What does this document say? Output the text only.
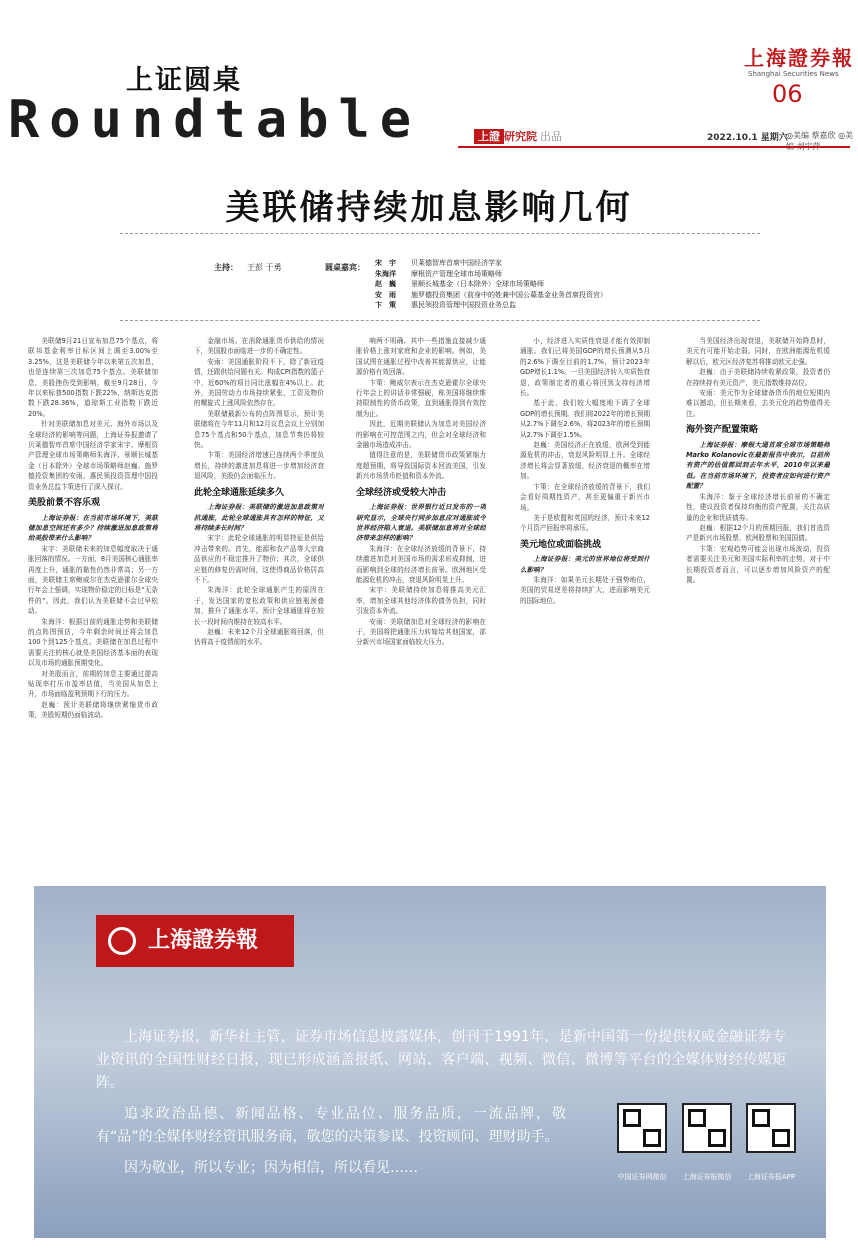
上证圆桌
Roundtable
上海證券報
Shanghai Securities News
06
上證 研究院 出品	2022.10.1 星期六
◎美编 蔡嘉欣 ◎美
美联储持续加息影响几何
主持： 王彭 于勇	圆桌嘉宾： 宋　宇 贝莱德智库首席中国经济学家
朱海洋 摩根资产管理全球市场策略师
赵　巍 景顺长城基金（日本除外）全球市场策略师
安　雨 施罗德投资集团（前身中的姓兼中国公募基金业务首席投资官）
卞　策 惠民领投资管理中国投资业务总监
美联储9月21日宣布加息75个基点，将联邦基金利率目标区间上调至3.00%至3.25%，这是美联储今年以来第五次加息，也是连续第三次加息75个基点。美联储加息，美股挫伤受到影响，截至9月28日，今年以来标普500指数下跌22%，纳斯达克指数下跌28.36%，道琼斯工业指数下跌近20%。
针对美联储加息对美元、海外市场以及全球经济的影响等问题，上海证券报邀请了贝莱德智库首席中国经济学家宋宇、摩根资产管理全球市场策略师朱海洋、景顺长城基金（日本除外）全球市场策略师赵巍、施罗德投资集团的安雨、惠民领投资管理中国投资业务总监卞策进行了深入探讨。
美股前景不容乐观
上海证券报：在当前市场环境下，美联储加息空间还有多少？持续激进加息政策将给美股带来什么影响？
宋宇：美联储未来的加息幅度取决于通胀回落的情况。一方面，8月美国核心通胀率再度上升，通胀的黏性仍然非常高；另一方面，美联储主席鲍威尔在杰克逊霍尔全球央行年会上强调，实现物价稳定的目标是“无条件的”。因此，我们认为美联储不会过早松动。
朱海洋：根据目前的通胀走势和美联储的点阵图预估，今年剩余时间还将会加息100个到125个基点。美联储在加息过程中需要关注的核心就是美国经济基本面的表现以及市场的通胀预期变化。
对美股而言，前期的加息主要通过提高贴现率打压市盈率估值，当美国从加息上升，市场面临盈利预期下行的压力。
赵巍：预计美联储将继续紧缩货币政策，美股短期仍面临波动。
金融市场。在消除通胀货币供给的情况下，美国股市面临进一步的不确定性。
安雨：美国通胀阶段不下，除了新冠疫情，还跟供给问题有关。构成CPI指数的篮子中，近60%的项目同比涨幅在4%以上。此外，美国劳动力市场持续紧张，工资及物价的螺旋式上涨风险依然存在。
美联储最新公布的点阵图显示，预计美联储将在今年11月和12月议息会议上分别加息75个基点和50个基点，加息节奏仍将较快。
卞策：美国经济增速已连续两个季度负增长，持续的激进加息将进一步增加经济衰退风险，美股仍会面临压力。
此轮全球通胀延续多久
上海证券报：美联储的激进加息政策对抗通胀，此轮全球通胀具有怎样的特征，又将持续多长时间？
宋宇：此轮全球通胀的明显特征是供给冲击带来的。首先，能源和农产品等大宗商品供应的不稳定推升了物价；其次，全球供应链的修复仍需时间，这使得商品价格居高不下。
朱海洋：此轮全球通胀产生的原因在于，发达国家的宽松政策和供应链瓶颈叠加，推升了通胀水平。预计全球通胀将在较长一段时间内维持在较高水平。
赵巍：未来12个月全球通胀将回落，但仍将高于疫情前的水平。
响两不明确。其中一些措施直接减少通胀价格上涨对家庭和企业的影响。例如，美国试图在通胀过程中改善其能源供应，让能源价格有效回落。
卞策：鲍威尔表示在杰克逊霍尔全球央行年会上的讲话非常强硬，称美国将继续维持限制性的货币政策，直到通胀得到有效控制为止。
因此，近期美联储认为加息对美国经济的影响在可控范围之内，但会对全球经济和金融市场造成冲击。
值得注意的是，美联储货币政策紧缩力度超预期，将导致国际资本回流美国，引发新兴市场货币贬值和资本外流。
全球经济或受较大冲击
上海证券报：世界银行近日发布的一项研究显示，全球央行同步加息应对通胀或令世界经济陷入衰退。美联储加息将对全球经济带来怎样的影响？
朱海洋：在全球经济放缓的背景下，持续激进加息对美国市场的需求形成抑制，进而影响到全球的经济增长前景。欧洲地区受能源危机的冲击，衰退风险明显上升。
宋宇：美联储持续加息将推高美元汇率，增加全球其他经济体的债务负担，同时引发资本外流。
安雨：美联储加息对全球经济的影响在于，美国将把通胀压力转嫁给其他国家，部分新兴市场国家面临较大压力。
小，经济进入实质性衰退才能有效抑制通胀。我们已将美国GDP的增长预测从5月的2.6%下调至目前的1.7%，预计2023年GDP增长1.1%。一旦美国经济转入实质性衰退，政策制定者的重心将回到支持经济增长。
基于此，我们较大幅度地下调了全球GDP的增长预期。我们将2022年的增长预期从2.7%下调至2.6%，将2023年的增长预期从2.7%下调至1.5%。
赵巍：美国经济正在放缓，欧洲受到能源危机的冲击，衰退风险明显上升。全球经济增长将会显著放缓，经济衰退的概率在增加。
卞策：在全球经济放缓的背景下，我们会看好周期性资产，甚至更偏重于新兴市场。
美于是欧盟和英国的经济，预计未来12个月资产回报率将承压。
美元地位或面临挑战
上海证券报：美元的世界地位将受到什么影响？
朱海洋：如果美元长期处于强势地位，美国的贸易逆差将持续扩大，进而影响美元的国际地位。
当美国经济出现衰退，美联储开始降息时，美元有可能开始走弱。同时，在欧洲能源危机缓解以后，欧元区经济复苏将推动欧元走强。
赵巍：由于美联储持续收紧政策，投资者仍在持续持有美元资产，美元指数维持高位。
安雨：美元作为全球储备货币的地位短期内难以撼动，但长期来看，去美元化的趋势值得关注。
海外资产配置策略
上海证券报：摩根大通首席全球市场策略师Marko Kolanovic在最新报告中表示，目前所有资产的估值都回到去年水平，2010年以来最低。在当前市场环境下，投资者应如何进行资产配置？
朱海洋：鉴于全球经济增长前景的不确定性，建议投资者保持均衡的资产配置，关注高质量的企业和优质债券。
赵巍：根据12个月的预期回报，我们首选资产是新兴市场股票、欧洲股票和美国国债。
卞策：宏观趋势可能会出现市场波动，投资者需要关注美元和美国实际利率的走势，对于中长期投资者而言，可以逐步增加风险资产的配置。
上海證券報

上海证券报，新华社主管，证券市场信息披露媒体，创刊于1991年，是新中国第一份提供权威金融证券专业资讯的全国性财经日报，现已形成涵盖报纸、网站、客户端、视频、微信、微博等平台的全媒体财经传媒矩阵。

追求政治品德、新闻品格、专业品位、服务品质，一流品牌，敬有“品”的全媒体财经资讯服务商，敬您的决策参谋、投资顾问、理财助手。

因为敬业，所以专业；因为相信，所以看见……

中国证券网微信	上海证券报微信	上海证券报APP
